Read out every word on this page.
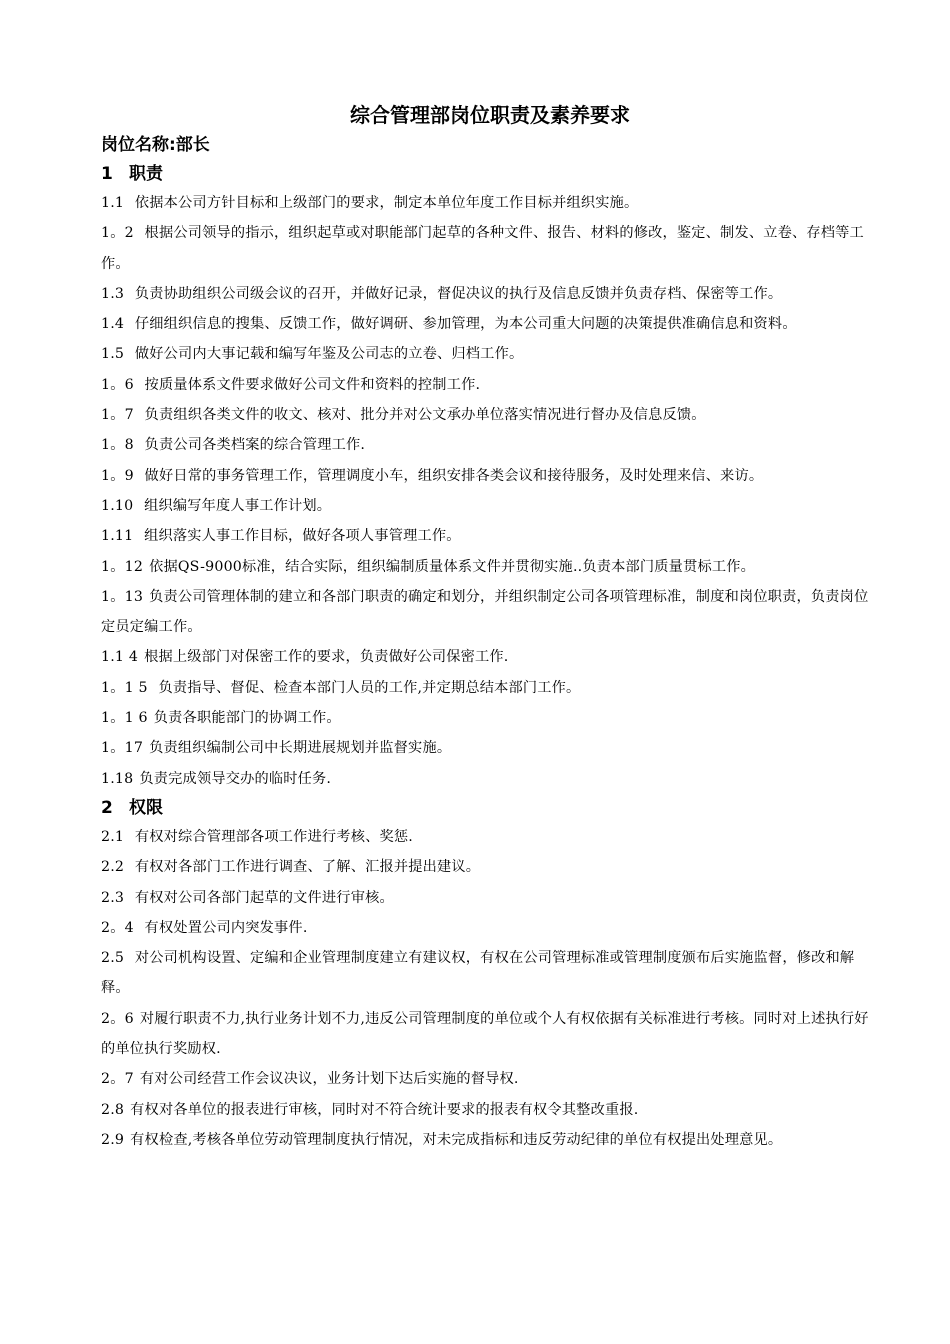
综合管理部岗位职责及素养要求
岗位名称:部长
1 职责

1.1 依据本公司方针目标和上级部门的要求，制定本单位年度工作目标并组织实施。

1。2 根据公司领导的指示，组织起草或对职能部门起草的各种文件、报告、材料的修改，鉴定、制发、立卷、存档等工作。

1.3 负责协助组织公司级会议的召开，并做好记录，督促决议的执行及信息反馈并负责存档、保密等工作。

1.4 仔细组织信息的搜集、反馈工作，做好调研、参加管理，为本公司重大问题的决策提供准确信息和资料。

1.5 做好公司内大事记载和编写年鉴及公司志的立卷、归档工作。

1。6 按质量体系文件要求做好公司文件和资料的控制工作.

1。7 负责组织各类文件的收文、核对、批分并对公文承办单位落实情况进行督办及信息反馈。

1。8 负责公司各类档案的综合管理工作.

1。9 做好日常的事务管理工作，管理调度小车，组织安排各类会议和接待服务，及时处理来信、来访。

1.10 组织编写年度人事工作计划。

1.11 组织落实人事工作目标，做好各项人事管理工作。

1。12 依据QS-9000标准，结合实际，组织编制质量体系文件并贯彻实施..负责本部门质量贯标工作。

1。13 负责公司管理体制的建立和各部门职责的确定和划分，并组织制定公司各项管理标准，制度和岗位职责，负责岗位定员定编工作。

1.1 4 根据上级部门对保密工作的要求，负责做好公司保密工作.

1。1 5 负责指导、督促、检查本部门人员的工作,并定期总结本部门工作。

1。1 6 负责各职能部门的协调工作。

1。17 负责组织编制公司中长期进展规划并监督实施。

1.18 负责完成领导交办的临时任务.

2 权限

2.1 有权对综合管理部各项工作进行考核、奖惩.

2.2 有权对各部门工作进行调查、了解、汇报并提出建议。

2.3 有权对公司各部门起草的文件进行审核。

2。4 有权处置公司内突发事件.

2.5 对公司机构设置、定编和企业管理制度建立有建议权，有权在公司管理标准或管理制度颁布后实施监督，修改和解释。

2。6 对履行职责不力,执行业务计划不力,违反公司管理制度的单位或个人有权依据有关标准进行考核。同时对上述执行好的单位执行奖励权.

2。7 有对公司经营工作会议决议，业务计划下达后实施的督导权.

2.8 有权对各单位的报表进行审核，同时对不符合统计要求的报表有权令其整改重报.

2.9 有权检查,考核各单位劳动管理制度执行情况，对未完成指标和违反劳动纪律的单位有权提出处理意见。
